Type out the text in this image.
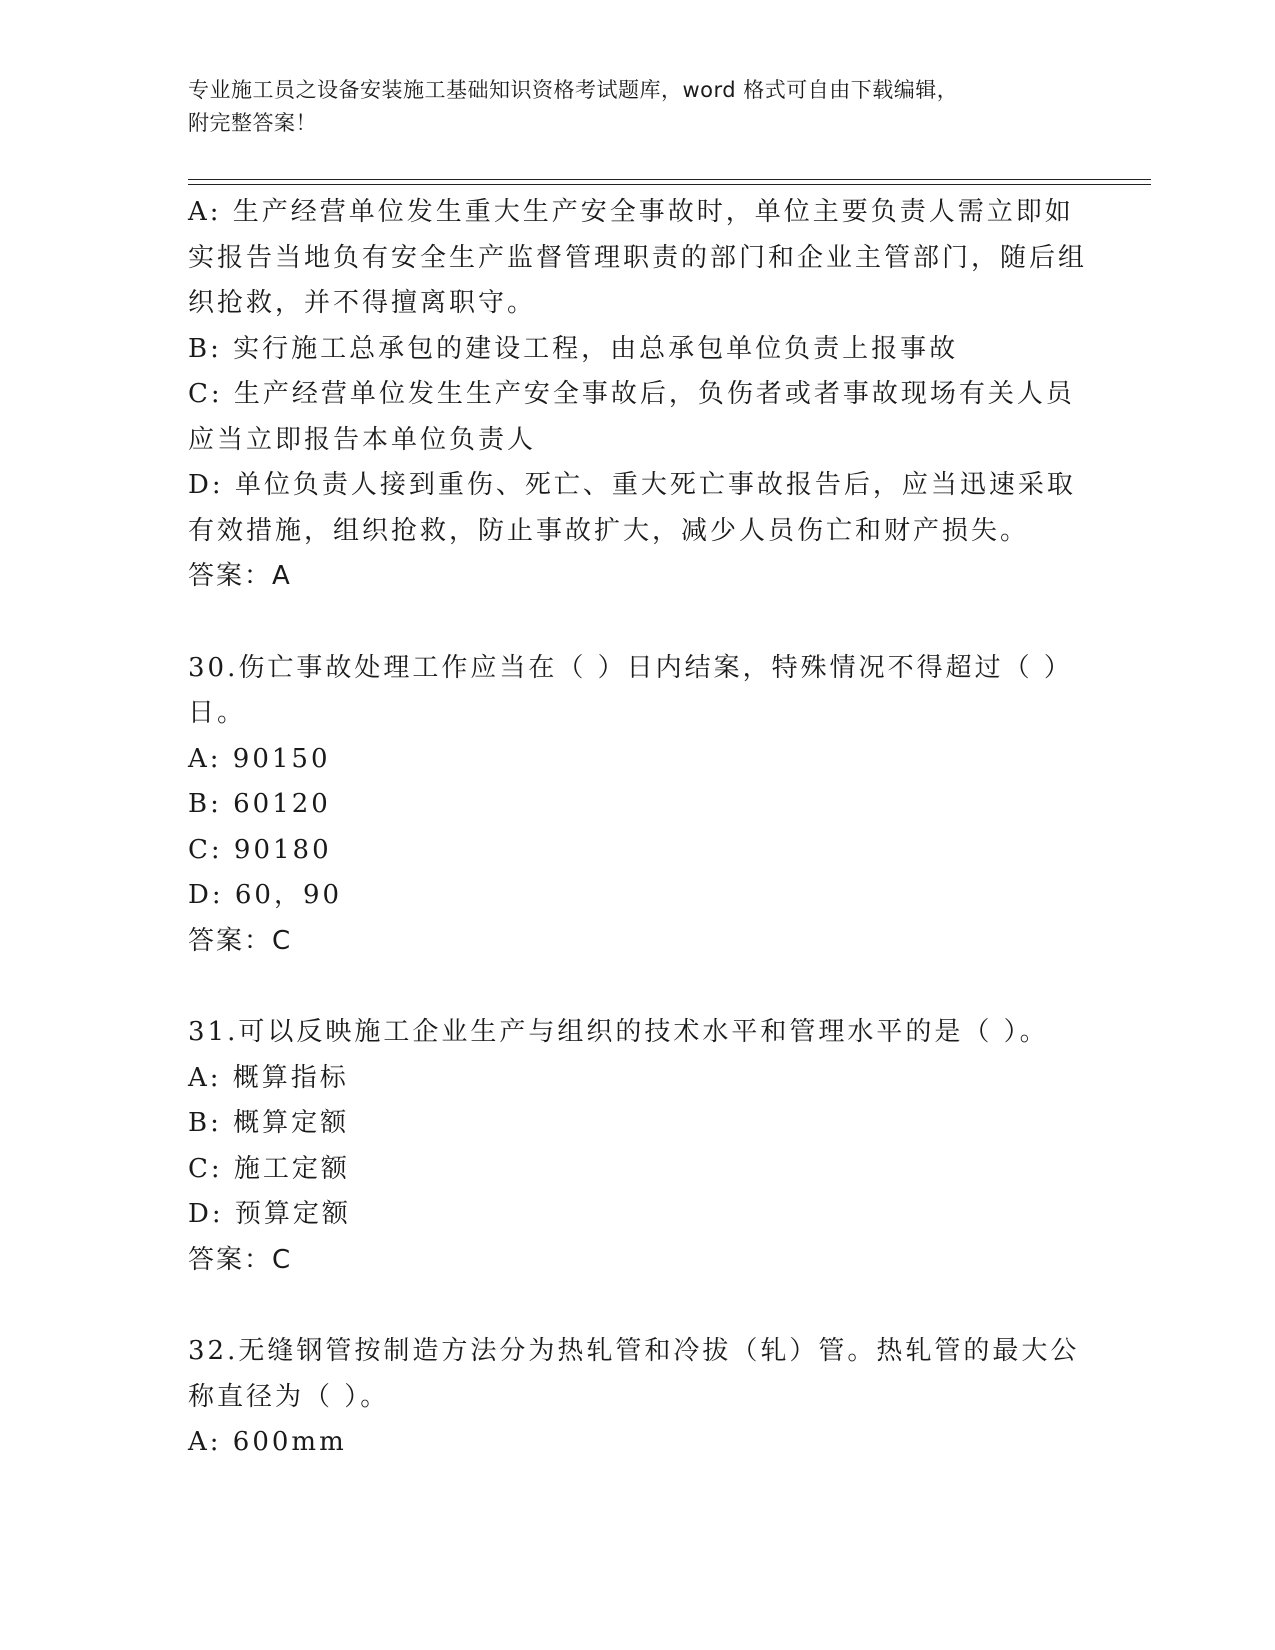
专业施工员之设备安装施工基础知识资格考试题库，word 格式可自由下载编辑，
附完整答案！

A: 生产经营单位发生重大生产安全事故时，单位主要负责人需立即如实报告当地负有安全生产监督管理职责的部门和企业主管部门，随后组织抢救，并不得擅离职守。

B: 实行施工总承包的建设工程，由总承包单位负责上报事故

C: 生产经营单位发生生产安全事故后，负伤者或者事故现场有关人员应当立即报告本单位负责人

D: 单位负责人接到重伤、死亡、重大死亡事故报告后，应当迅速采取有效措施，组织抢救，防止事故扩大，减少人员伤亡和财产损失。

答案：A

30.伤亡事故处理工作应当在（ ）日内结案，特殊情况不得超过（ ）日。

A: 90150

B: 60120

C: 90180

D: 60，90

答案：C

31.可以反映施工企业生产与组织的技术水平和管理水平的是（ ）。

A: 概算指标

B: 概算定额

C: 施工定额

D: 预算定额

答案：C

32.无缝钢管按制造方法分为热轧管和冷拔（轧）管。热轧管的最大公称直径为（ ）。

A: 600mm
